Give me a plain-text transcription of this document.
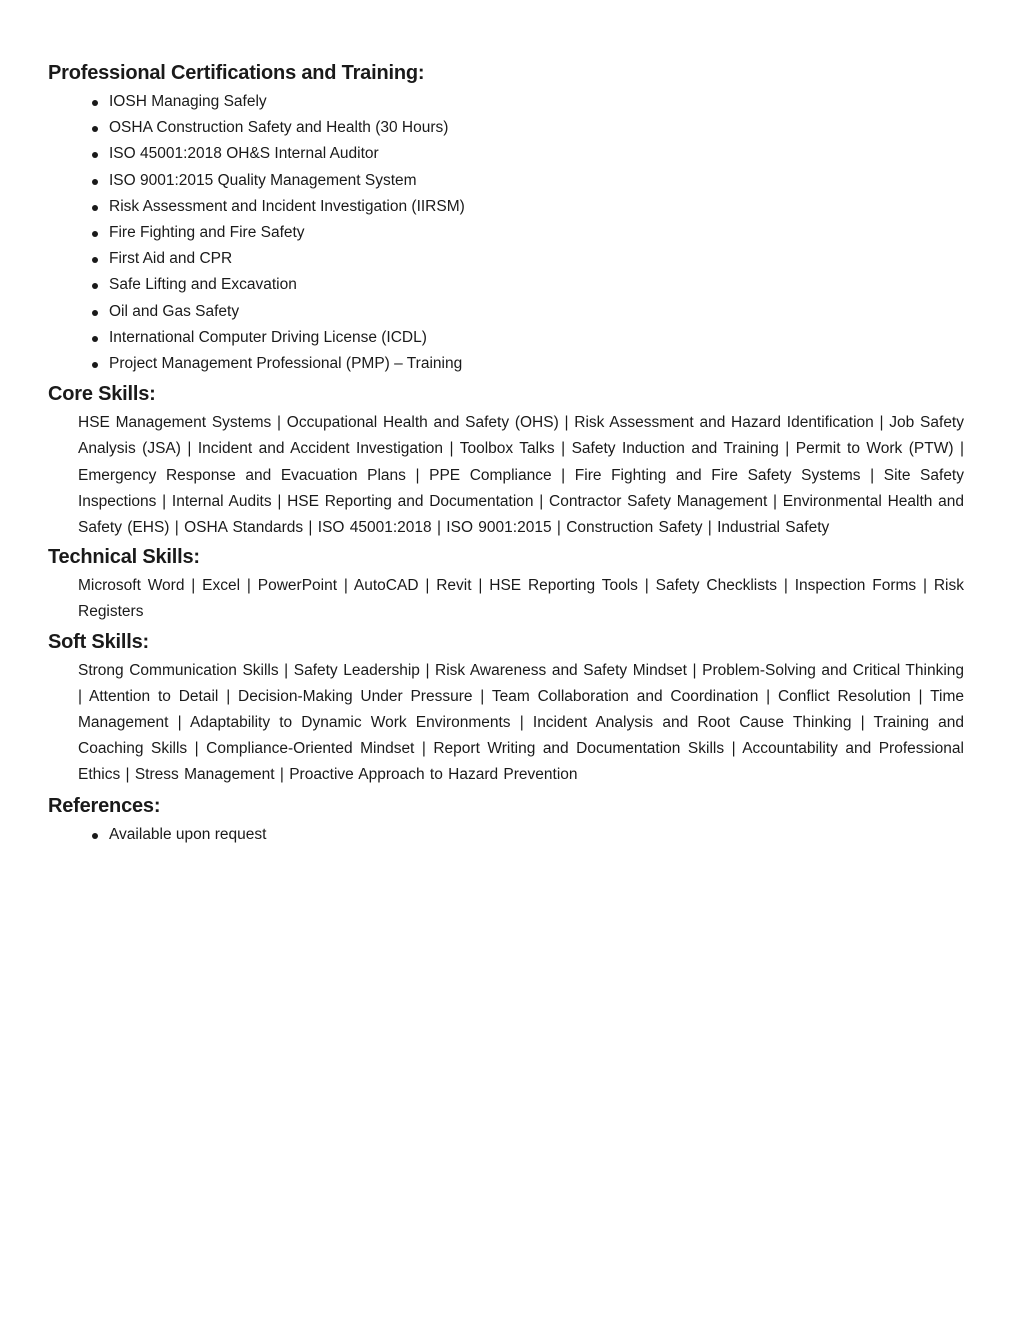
Professional Certifications and Training:
IOSH Managing Safely
OSHA Construction Safety and Health (30 Hours)
ISO 45001:2018 OH&S Internal Auditor
ISO 9001:2015 Quality Management System
Risk Assessment and Incident Investigation (IIRSM)
Fire Fighting and Fire Safety
First Aid and CPR
Safe Lifting and Excavation
Oil and Gas Safety
International Computer Driving License (ICDL)
Project Management Professional (PMP) – Training
Core Skills:

HSE Management Systems | Occupational Health and Safety (OHS) | Risk Assessment and Hazard Identification | Job Safety Analysis (JSA) | Incident and Accident Investigation | Toolbox Talks | Safety Induction and Training | Permit to Work (PTW) | Emergency Response and Evacuation Plans | PPE Compliance | Fire Fighting and Fire Safety Systems | Site Safety Inspections | Internal Audits | HSE Reporting and Documentation | Contractor Safety Management | Environmental Health and Safety (EHS) | OSHA Standards | ISO 45001:2018 | ISO 9001:2015 | Construction Safety | Industrial Safety

Technical Skills:

Microsoft Word | Excel | PowerPoint | AutoCAD | Revit | HSE Reporting Tools | Safety Checklists | Inspection Forms | Risk Registers

Soft Skills:

Strong Communication Skills | Safety Leadership | Risk Awareness and Safety Mindset | Problem-Solving and Critical Thinking | Attention to Detail | Decision-Making Under Pressure | Team Collaboration and Coordination | Conflict Resolution | Time Management | Adaptability to Dynamic Work Environments | Incident Analysis and Root Cause Thinking | Training and Coaching Skills | Compliance-Oriented Mindset | Report Writing and Documentation Skills | Accountability and Professional Ethics | Stress Management | Proactive Approach to Hazard Prevention

References:
Available upon request
